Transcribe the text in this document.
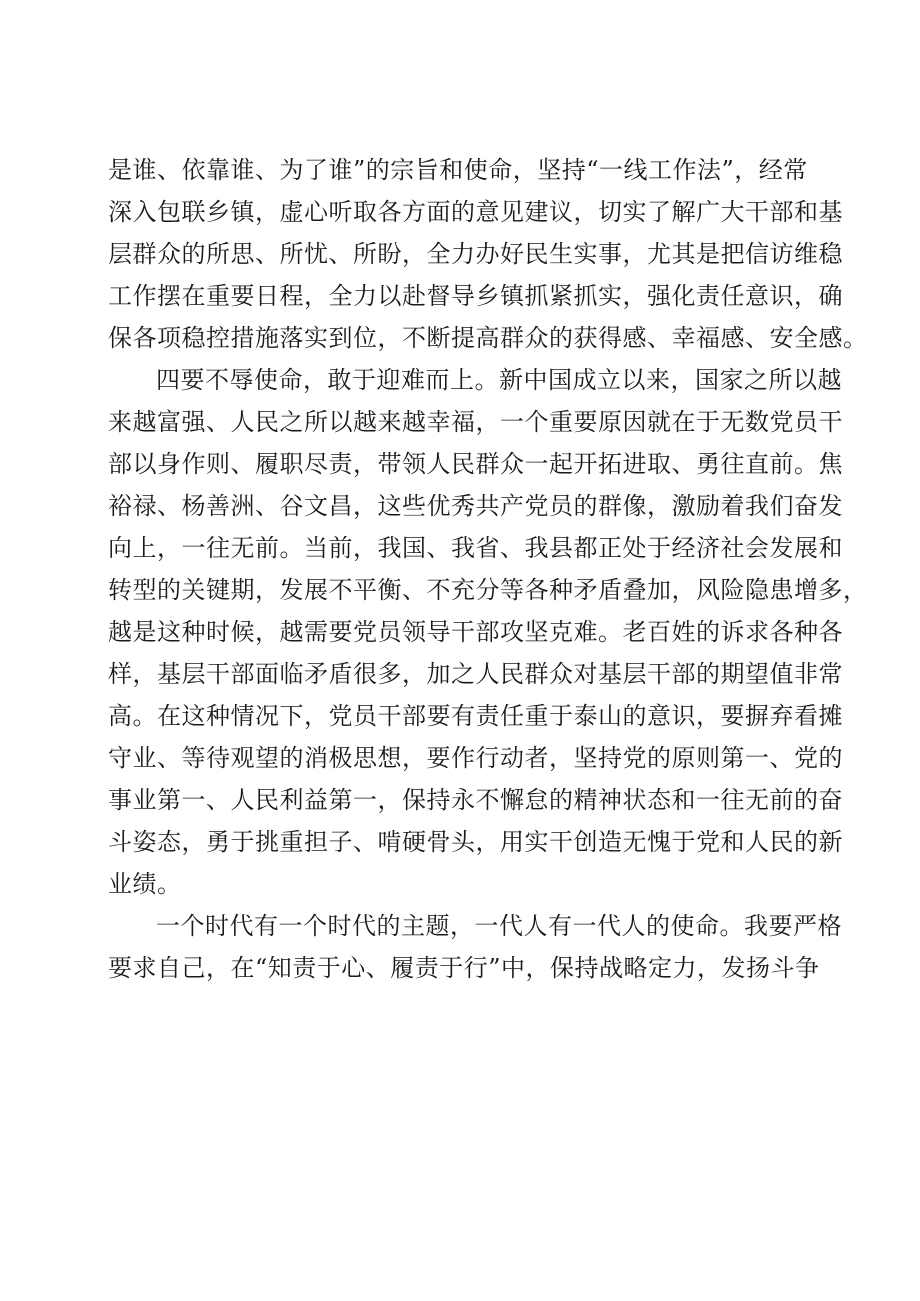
是谁、依靠谁、为了谁”的宗旨和使命，坚持“一线工作法”，经常
深入包联乡镇，虚心听取各方面的意见建议，切实了解广大干部和基
层群众的所思、所忧、所盼，全力办好民生实事，尤其是把信访维稳
工作摆在重要日程，全力以赴督导乡镇抓紧抓实，强化责任意识，确
保各项稳控措施落实到位，不断提高群众的获得感、幸福感、安全感。
四要不辱使命，敢于迎难而上。新中国成立以来，国家之所以越
来越富强、人民之所以越来越幸福，一个重要原因就在于无数党员干
部以身作则、履职尽责，带领人民群众一起开拓进取、勇往直前。焦
裕禄、杨善洲、谷文昌，这些优秀共产党员的群像，激励着我们奋发
向上，一往无前。当前，我国、我省、我县都正处于经济社会发展和
转型的关键期，发展不平衡、不充分等各种矛盾叠加，风险隐患增多，
越是这种时候，越需要党员领导干部攻坚克难。老百姓的诉求各种各
样，基层干部面临矛盾很多，加之人民群众对基层干部的期望值非常
高。在这种情况下，党员干部要有责任重于泰山的意识，要摒弃看摊
守业、等待观望的消极思想，要作行动者，坚持党的原则第一、党的
事业第一、人民利益第一，保持永不懈怠的精神状态和一往无前的奋
斗姿态，勇于挑重担子、啃硬骨头，用实干创造无愧于党和人民的新
业绩。
一个时代有一个时代的主题，一代人有一代人的使命。我要严格
要求自己，在“知责于心、履责于行”中，保持战略定力，发扬斗争
